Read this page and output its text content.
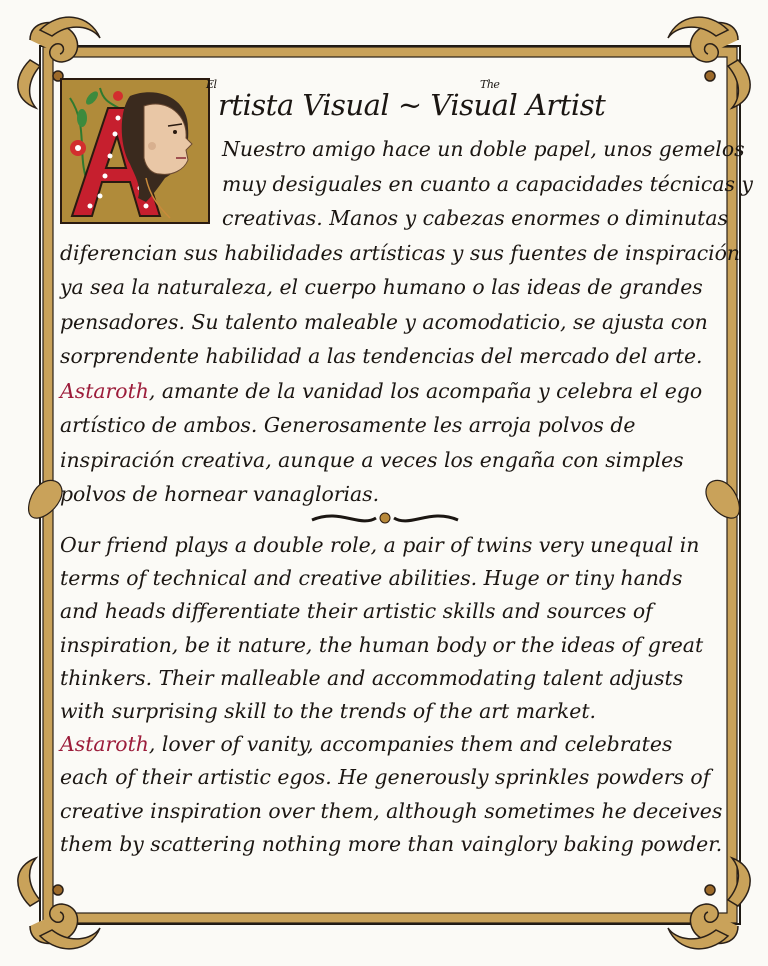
El
rtista Visual ~ Visual Artist
The
Nuestro amigo hace un doble papel, unos gemelos
muy desiguales en cuanto a capacidades técnicas y
creativas. Manos y cabezas enormes o diminutas
diferencian sus habilidades artísticas y sus fuentes de inspiración
ya sea la naturaleza, el cuerpo humano o las ideas de grandes
pensadores. Su talento maleable y acomodaticio, se ajusta con
sorprendente habilidad a las tendencias del mercado del arte.
Astaroth, amante de la vanidad los acompaña y celebra el ego
artístico de ambos. Generosamente les arroja polvos de
inspiración creativa, aunque a veces los engaña con simples
polvos de hornear vanaglorias.
Our friend plays a double role, a pair of twins very unequal in
terms of technical and creative abilities. Huge or tiny hands
and heads differentiate their artistic skills and sources of
inspiration, be it nature, the human body or the ideas of great
thinkers. Their malleable and accommodating talent adjusts
with surprising skill to the trends of the art market.
Astaroth, lover of vanity, accompanies them and celebrates
each of their artistic egos. He generously sprinkles powders of
creative inspiration over them, although sometimes he deceives
them by scattering nothing more than vainglory baking powder.
